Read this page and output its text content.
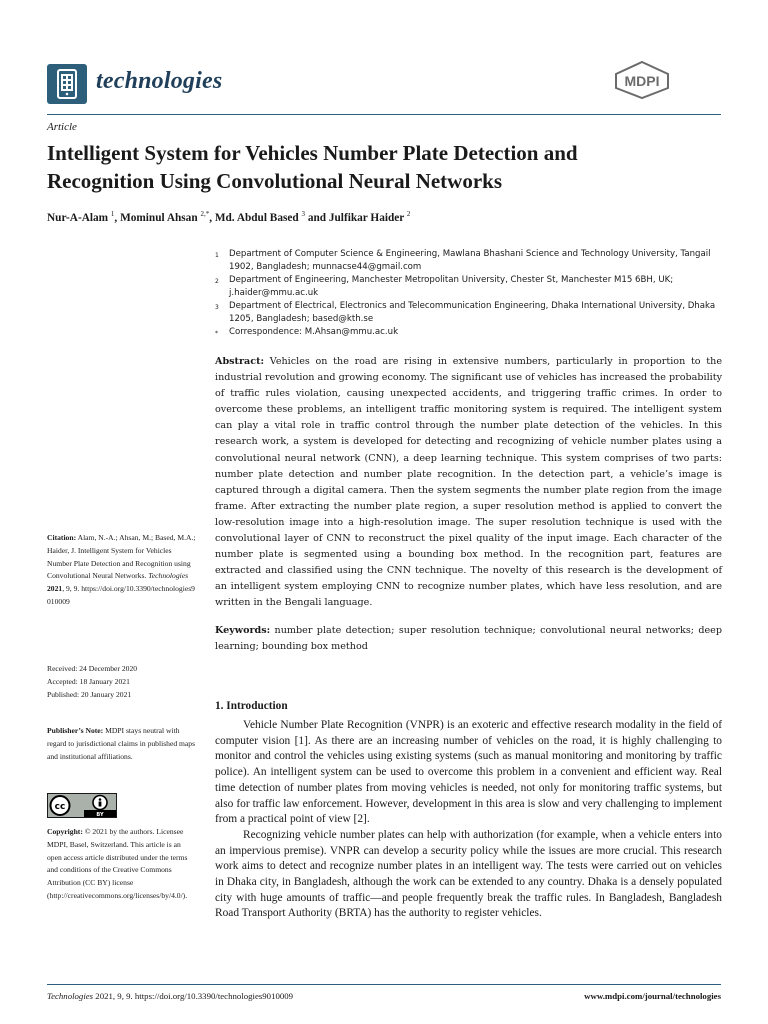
technologies	MDPI
Article
Intelligent System for Vehicles Number Plate Detection and
Recognition Using Convolutional Neural Networks
Nur-A-Alam $^1$, Mominul Ahsan $^{2,*}$, Md. Abdul Based $^3$ and Julfikar Haider $^2$
1	Department of Computer Science & Engineering, Mawlana Bhashani Science and Technology University, Tangail 1902, Bangladesh; munnacse44@gmail.com
2	Department of Engineering, Manchester Metropolitan University, Chester St, Manchester M15 6BH, UK; j.haider@mmu.ac.uk
3	Department of Electrical, Electronics and Telecommunication Engineering, Dhaka International University, Dhaka 1205, Bangladesh; based@kth.se
*	Correspondence: M.Ahsan@mmu.ac.uk
Abstract: Vehicles on the road are rising in extensive numbers, particularly in proportion to the industrial revolution and growing economy. The significant use of vehicles has increased the probability of traffic rules violation, causing unexpected accidents, and triggering traffic crimes. In order to overcome these problems, an intelligent traffic monitoring system is required. The intelligent system can play a vital role in traffic control through the number plate detection of the vehicles. In this research work, a system is developed for detecting and recognizing of vehicle number plates using a convolutional neural network (CNN), a deep learning technique. This system comprises of two parts: number plate detection and number plate recognition. In the detection part, a vehicle’s image is captured through a digital camera. Then the system segments the number plate region from the image frame. After extracting the number plate region, a super resolution method is applied to convert the low-resolution image into a high-resolution image. The super resolution technique is used with the convolutional layer of CNN to reconstruct the pixel quality of the input image. Each character of the number plate is segmented using a bounding box method. In the recognition part, features are extracted and classified using the CNN technique. The novelty of this research is the development of an intelligent system employing CNN to recognize number plates, which have less resolution, and are written in the Bengali language.
Keywords: number plate detection; super resolution technique; convolutional neural networks; deep learning; bounding box method
1. Introduction

Vehicle Number Plate Recognition (VNPR) is an exoteric and effective research modality in the field of computer vision [1]. As there are an increasing number of vehicles on the road, it is highly challenging to monitor and control the vehicles using existing systems (such as manual monitoring and monitoring by traffic police). An intelligent system can be used to overcome this problem in a convenient and efficient way. Real time detection of number plates from moving vehicles is needed, not only for monitoring traffic systems, but also for traffic law enforcement. However, development in this area is slow and very challenging to implement from a practical point of view [2].

Recognizing vehicle number plates can help with authorization (for example, when a vehicle enters into an impervious premise). VNPR can develop a security policy while the issues are more crucial. This research work aims to detect and recognize number plates in an intelligent way. The tests were carried out on vehicles in Dhaka city, in Bangladesh, although the work can be extended to any country. Dhaka is a densely populated city with huge amounts of traffic—and people frequently break the traffic rules. In Bangladesh, Bangladesh Road Transport Authority (BRTA) has the authority to register vehicles.

Citation: Alam, N.-A.; Ahsan, M.; Based, M.A.; Haider, J. Intelligent System for Vehicles Number Plate Detection and Recognition using Convolutional Neural Networks. Technologies 2021, 9, 9. https://doi.org/10.3390/technologies9010009
Received: 24 December 2020
Accepted: 18 January 2021
Published: 20 January 2021
Publisher’s Note: MDPI stays neutral with regard to jurisdictional claims in published maps and institutional affiliations.
cc
BY
Copyright: © 2021 by the authors. Licensee MDPI, Basel, Switzerland. This article is an open access article distributed under the terms and conditions of the Creative Commons Attribution (CC BY) license (http://creativecommons.org/licenses/by/4.0/).
Technologies 2021, 9, 9. https://doi.org/10.3390/technologies9010009	www.mdpi.com/journal/technologies
